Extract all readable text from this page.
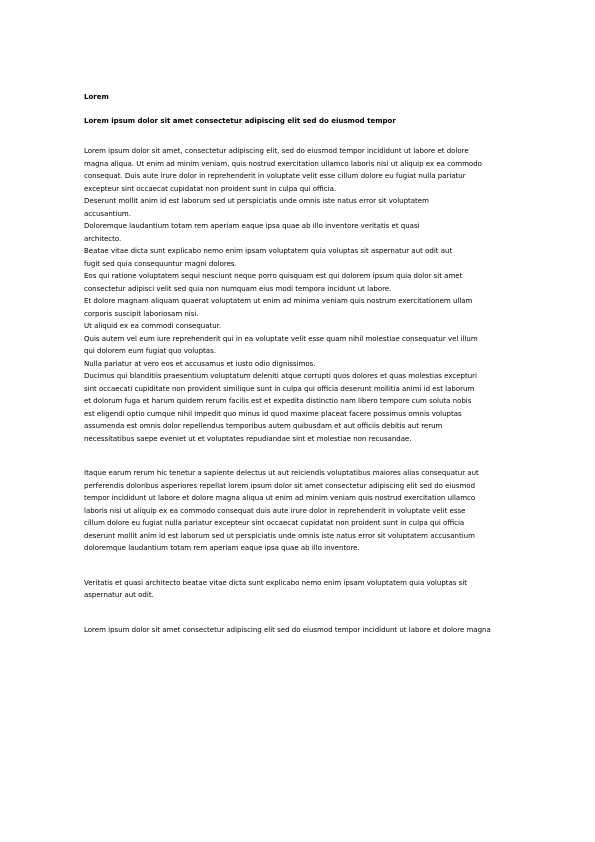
Lorem
Lorem ipsum dolor sit amet consectetur adipiscing elit sed do eiusmod tempor
Lorem ipsum dolor sit amet, consectetur adipiscing elit, sed do eiusmod tempor incididunt ut labore et dolore
magna aliqua. Ut enim ad minim veniam, quis nostrud exercitation ullamco laboris nisi ut aliquip ex ea commodo
consequat. Duis aute irure dolor in reprehenderit in voluptate velit esse cillum dolore eu fugiat nulla pariatur
excepteur sint occaecat cupidatat non proident sunt in culpa qui officia.
Deserunt mollit anim id est laborum sed ut perspiciatis unde omnis iste natus error sit voluptatem
accusantium.
Doloremque laudantium totam rem aperiam eaque ipsa quae ab illo inventore veritatis et quasi
architecto.
Beatae vitae dicta sunt explicabo nemo enim ipsam voluptatem quia voluptas sit aspernatur aut odit aut
fugit sed quia consequuntur magni dolores.
Eos qui ratione voluptatem sequi nesciunt neque porro quisquam est qui dolorem ipsum quia dolor sit amet
consectetur adipisci velit sed quia non numquam eius modi tempora incidunt ut labore.
Et dolore magnam aliquam quaerat voluptatem ut enim ad minima veniam quis nostrum exercitationem ullam
corporis suscipit laboriosam nisi.
Ut aliquid ex ea commodi consequatur.
Quis autem vel eum iure reprehenderit qui in ea voluptate velit esse quam nihil molestiae consequatur vel illum
qui dolorem eum fugiat quo voluptas.
Nulla pariatur at vero eos et accusamus et iusto odio dignissimos.
Ducimus qui blanditiis praesentium voluptatum deleniti atque corrupti quos dolores et quas molestias excepturi
sint occaecati cupiditate non provident similique sunt in culpa qui officia deserunt mollitia animi id est laborum
et dolorum fuga et harum quidem rerum facilis est et expedita distinctio nam libero tempore cum soluta nobis
est eligendi optio cumque nihil impedit quo minus id quod maxime placeat facere possimus omnis voluptas
assumenda est omnis dolor repellendus temporibus autem quibusdam et aut officiis debitis aut rerum
necessitatibus saepe eveniet ut et voluptates repudiandae sint et molestiae non recusandae.
Itaque earum rerum hic tenetur a sapiente delectus ut aut reiciendis voluptatibus maiores alias consequatur aut
perferendis doloribus asperiores repellat lorem ipsum dolor sit amet consectetur adipiscing elit sed do eiusmod
tempor incididunt ut labore et dolore magna aliqua ut enim ad minim veniam quis nostrud exercitation ullamco
laboris nisi ut aliquip ex ea commodo consequat duis aute irure dolor in reprehenderit in voluptate velit esse
cillum dolore eu fugiat nulla pariatur excepteur sint occaecat cupidatat non proident sunt in culpa qui officia
deserunt mollit anim id est laborum sed ut perspiciatis unde omnis iste natus error sit voluptatem accusantium
doloremque laudantium totam rem aperiam eaque ipsa quae ab illo inventore.
Veritatis et quasi architecto beatae vitae dicta sunt explicabo nemo enim ipsam voluptatem quia voluptas sit
aspernatur aut odit.
Lorem ipsum dolor sit amet consectetur adipiscing elit sed do eiusmod tempor incididunt ut labore et dolore magna
